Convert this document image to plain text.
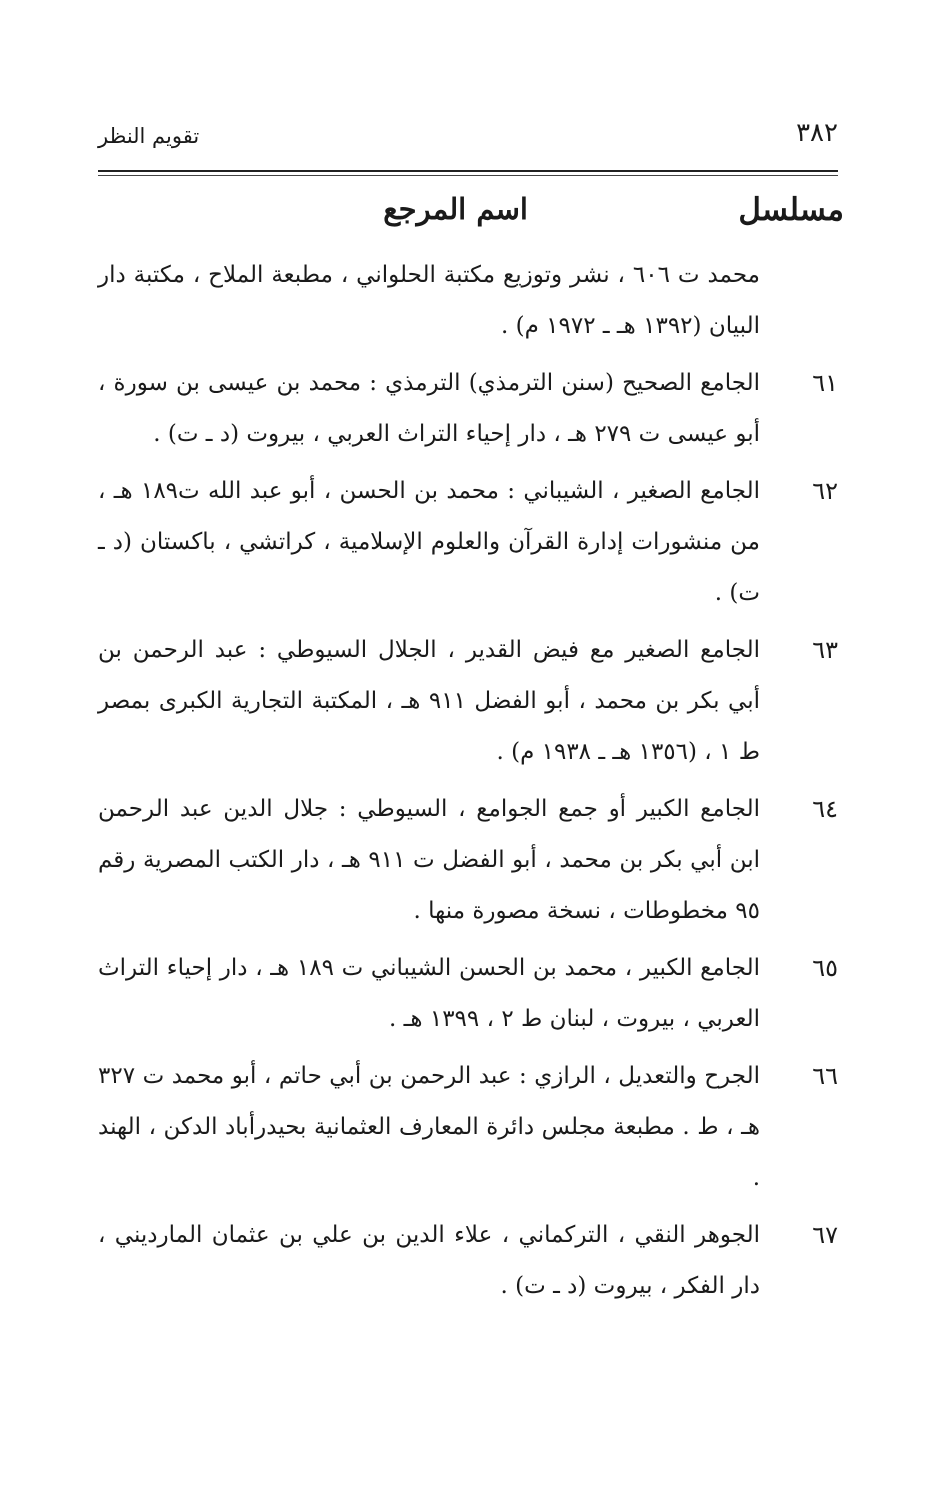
٣٨٢
تقويم النظر
مسلسل
اسم المرجع
محمد ت ٦٠٦ ، نشر وتوزيع مكتبة الحلواني ، مطبعة الملاح ، مكتبة دار البيان (١٣٩٢ هـ ـ ١٩٧٢ م) .
٦١
الجامع الصحيح (سنن الترمذي) الترمذي : محمد بن عيسى بن سورة ، أبو عيسى ت ٢٧٩ هـ ، دار إحياء التراث العربي ، بيروت (د ـ ت) .
٦٢
الجامع الصغير ، الشيباني : محمد بن الحسن ، أبو عبد الله ت١٨٩ هـ ، من منشورات إدارة القرآن والعلوم الإسلامية ، كراتشي ، باكستان (د ـ ت) .
٦٣
الجامع الصغير مع فيض القدير ، الجلال السيوطي : عبد الرحمن بن أبي بكر بن محمد ، أبو الفضل ٩١١ هـ ، المكتبة التجارية الكبرى بمصر ط ١ ، (١٣٥٦ هـ ـ ١٩٣٨ م) .
٦٤
الجامع الكبير أو جمع الجوامع ، السيوطي : جلال الدين عبد الرحمن ابن أبي بكر بن محمد ، أبو الفضل ت ٩١١ هـ ، دار الكتب المصرية رقم ٩٥ مخطوطات ، نسخة مصورة منها .
٦٥
الجامع الكبير ، محمد بن الحسن الشيباني ت ١٨٩ هـ ، دار إحياء التراث العربي ، بيروت ، لبنان ط ٢ ، ١٣٩٩ هـ .
٦٦
الجرح والتعديل ، الرازي : عبد الرحمن بن أبي حاتم ، أبو محمد ت ٣٢٧ هـ ، ط . مطبعة مجلس دائرة المعارف العثمانية بحيدرأباد الدكن ، الهند .
٦٧
الجوهر النقي ، التركماني ، علاء الدين بن علي بن عثمان المارديني ، دار الفكر ، بيروت (د ـ ت) .
